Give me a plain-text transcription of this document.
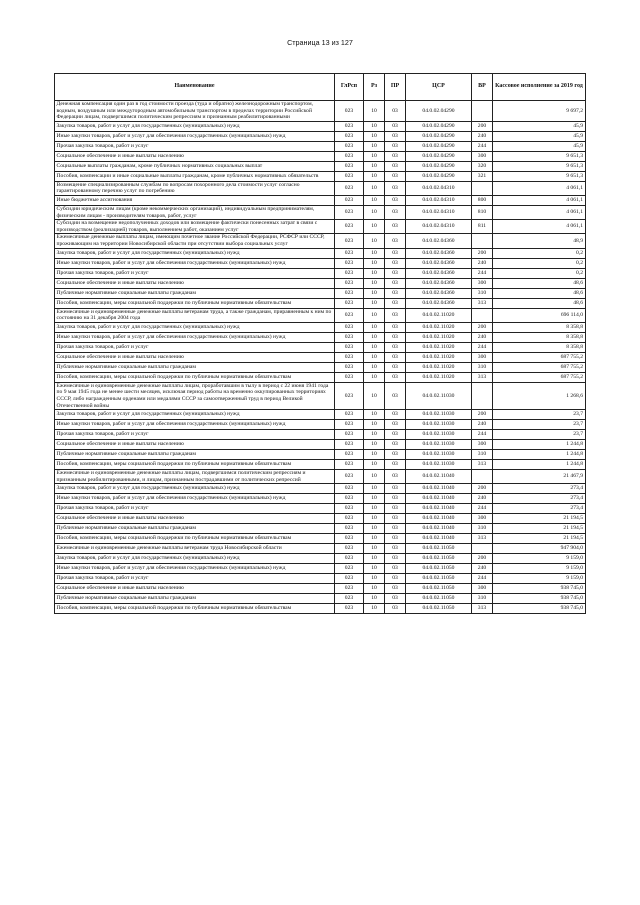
Страница 13 из 127
Наименование	ГлРсп	Рз	ПР	ЦСР	ВР	Кассовое исполнение за 2019 год
Денежная компенсация один раз в год стоимости проезда (туда и обратно) железнодорожным транспортом, водным, воздушным или междугородным автомобильным транспортом в пределах территории Российской Федерации лицам, подвергшимся политическим репрессиям и признанным реабилитированными	023	10	03	04.0.02.04290		9 697,2
Закупка товаров, работ и услуг для государственных (муниципальных) нужд	023	10	03	04.0.02.04290	200	45,9
Иные закупки товаров, работ и услуг для обеспечения государственных (муниципальных) нужд	023	10	03	04.0.02.04290	240	45,9
Прочая закупка товаров, работ и услуг	023	10	03	04.0.02.04290	244	45,9
Социальное обеспечение и иные выплаты населению	023	10	03	04.0.02.04290	300	9 651,3
Социальные выплаты гражданам, кроме публичных нормативных социальных выплат	023	10	03	04.0.02.04290	320	9 651,3
Пособия, компенсации и иные социальные выплаты гражданам, кроме публичных нормативных обязательств	023	10	03	04.0.02.04290	321	9 651,3
Возмещение специализированным службам по вопросам похоронного дела стоимости услуг согласно гарантированному перечню услуг по погребению	023	10	03	04.0.02.04310		4 061,1
Иные бюджетные ассигнования	023	10	03	04.0.02.04310	800	4 061,1
Субсидии юридическим лицам (кроме некоммерческих организаций), индивидуальным предпринимателям, физическим лицам - производителям товаров, работ, услуг	023	10	03	04.0.02.04310	810	4 061,1
Субсидии на возмещение недополученных доходов или возмещение фактически понесенных затрат в связи с производством (реализацией) товаров, выполнением работ, оказанием услуг	023	10	03	04.0.02.04310	811	4 061,1
Ежемесячные денежные выплаты лицам, имеющим почетное звание Российской Федерации, РСФСР или СССР, проживающим на территории Новосибирской области при отсутствии выбора социальных услуг	023	10	03	04.0.02.04360		48,9
Закупка товаров, работ и услуг для государственных (муниципальных) нужд	023	10	03	04.0.02.04360	200	0,2
Иные закупки товаров, работ и услуг для обеспечения государственных (муниципальных) нужд	023	10	03	04.0.02.04360	240	0,2
Прочая закупка товаров, работ и услуг	023	10	03	04.0.02.04360	244	0,2
Социальное обеспечение и иные выплаты населению	023	10	03	04.0.02.04360	300	48,6
Публичные нормативные социальные выплаты гражданам	023	10	03	04.0.02.04360	310	48,6
Пособия, компенсации, меры социальной поддержки по публичным нормативным обязательствам	023	10	03	04.0.02.04360	313	48,6
Ежемесячные и единовременные денежные выплаты ветеранам труда, а также гражданам, приравненным к ним по состоянию на 31 декабря 2004 года	023	10	03	04.0.02.11020		696 114,0
Закупка товаров, работ и услуг для государственных (муниципальных) нужд	023	10	03	04.0.02.11020	200	8 358,8
Иные закупки товаров, работ и услуг для обеспечения государственных (муниципальных) нужд	023	10	03	04.0.02.11020	240	8 358,8
Прочая закупка товаров, работ и услуг	023	10	03	04.0.02.11020	244	8 358,8
Социальное обеспечение и иные выплаты населению	023	10	03	04.0.02.11020	300	687 755,2
Публичные нормативные социальные выплаты гражданам	023	10	03	04.0.02.11020	310	687 755,2
Пособия, компенсации, меры социальной поддержки по публичным нормативным обязательствам	023	10	03	04.0.02.11020	313	687 755,2
Ежемесячные и единовременные денежные выплаты лицам, проработавшим в тылу в период с 22 июня 1941 года по 9 мая 1945 года не менее шести месяцев, исключая период работы на временно оккупированных территориях СССР, либо награжденным орденами или медалями СССР за самоотверженный труд в период Великой Отечественной войны	023	10	03	04.0.02.11030		1 268,6
Закупка товаров, работ и услуг для государственных (муниципальных) нужд	023	10	03	04.0.02.11030	200	23,7
Иные закупки товаров, работ и услуг для обеспечения государственных (муниципальных) нужд	023	10	03	04.0.02.11030	240	23,7
Прочая закупка товаров, работ и услуг	023	10	03	04.0.02.11030	244	23,7
Социальное обеспечение и иные выплаты населению	023	10	03	04.0.02.11030	300	1 244,8
Публичные нормативные социальные выплаты гражданам	023	10	03	04.0.02.11030	310	1 244,8
Пособия, компенсации, меры социальной поддержки по публичным нормативным обязательствам	023	10	03	04.0.02.11030	313	1 244,8
Ежемесячные и единовременные денежные выплаты лицам, подвергшимся политическим репрессиям и признанным реабилитированными, и лицам, признанным пострадавшими от политических репрессий	023	10	03	04.0.02.11040		21 467,9
Закупка товаров, работ и услуг для государственных (муниципальных) нужд	023	10	03	04.0.02.11040	200	273,4
Иные закупки товаров, работ и услуг для обеспечения государственных (муниципальных) нужд	023	10	03	04.0.02.11040	240	273,4
Прочая закупка товаров, работ и услуг	023	10	03	04.0.02.11040	244	273,4
Социальное обеспечение и иные выплаты населению	023	10	03	04.0.02.11040	300	21 194,5
Публичные нормативные социальные выплаты гражданам	023	10	03	04.0.02.11040	310	21 194,5
Пособия, компенсации, меры социальной поддержки по публичным нормативным обязательствам	023	10	03	04.0.02.11040	313	21 194,5
Ежемесячные и единовременные денежные выплаты ветеранам труда Новосибирской области	023	10	03	04.0.02.11050		947 904,0
Закупка товаров, работ и услуг для государственных (муниципальных) нужд	023	10	03	04.0.02.11050	200	9 159,0
Иные закупки товаров, работ и услуг для обеспечения государственных (муниципальных) нужд	023	10	03	04.0.02.11050	240	9 159,0
Прочая закупка товаров, работ и услуг	023	10	03	04.0.02.11050	244	9 159,0
Социальное обеспечение и иные выплаты населению	023	10	03	04.0.02.11050	300	938 745,0
Публичные нормативные социальные выплаты гражданам	023	10	03	04.0.02.11050	310	938 745,0
Пособия, компенсации, меры социальной поддержки по публичным нормативным обязательствам	023	10	03	04.0.02.11050	313	938 745,0
